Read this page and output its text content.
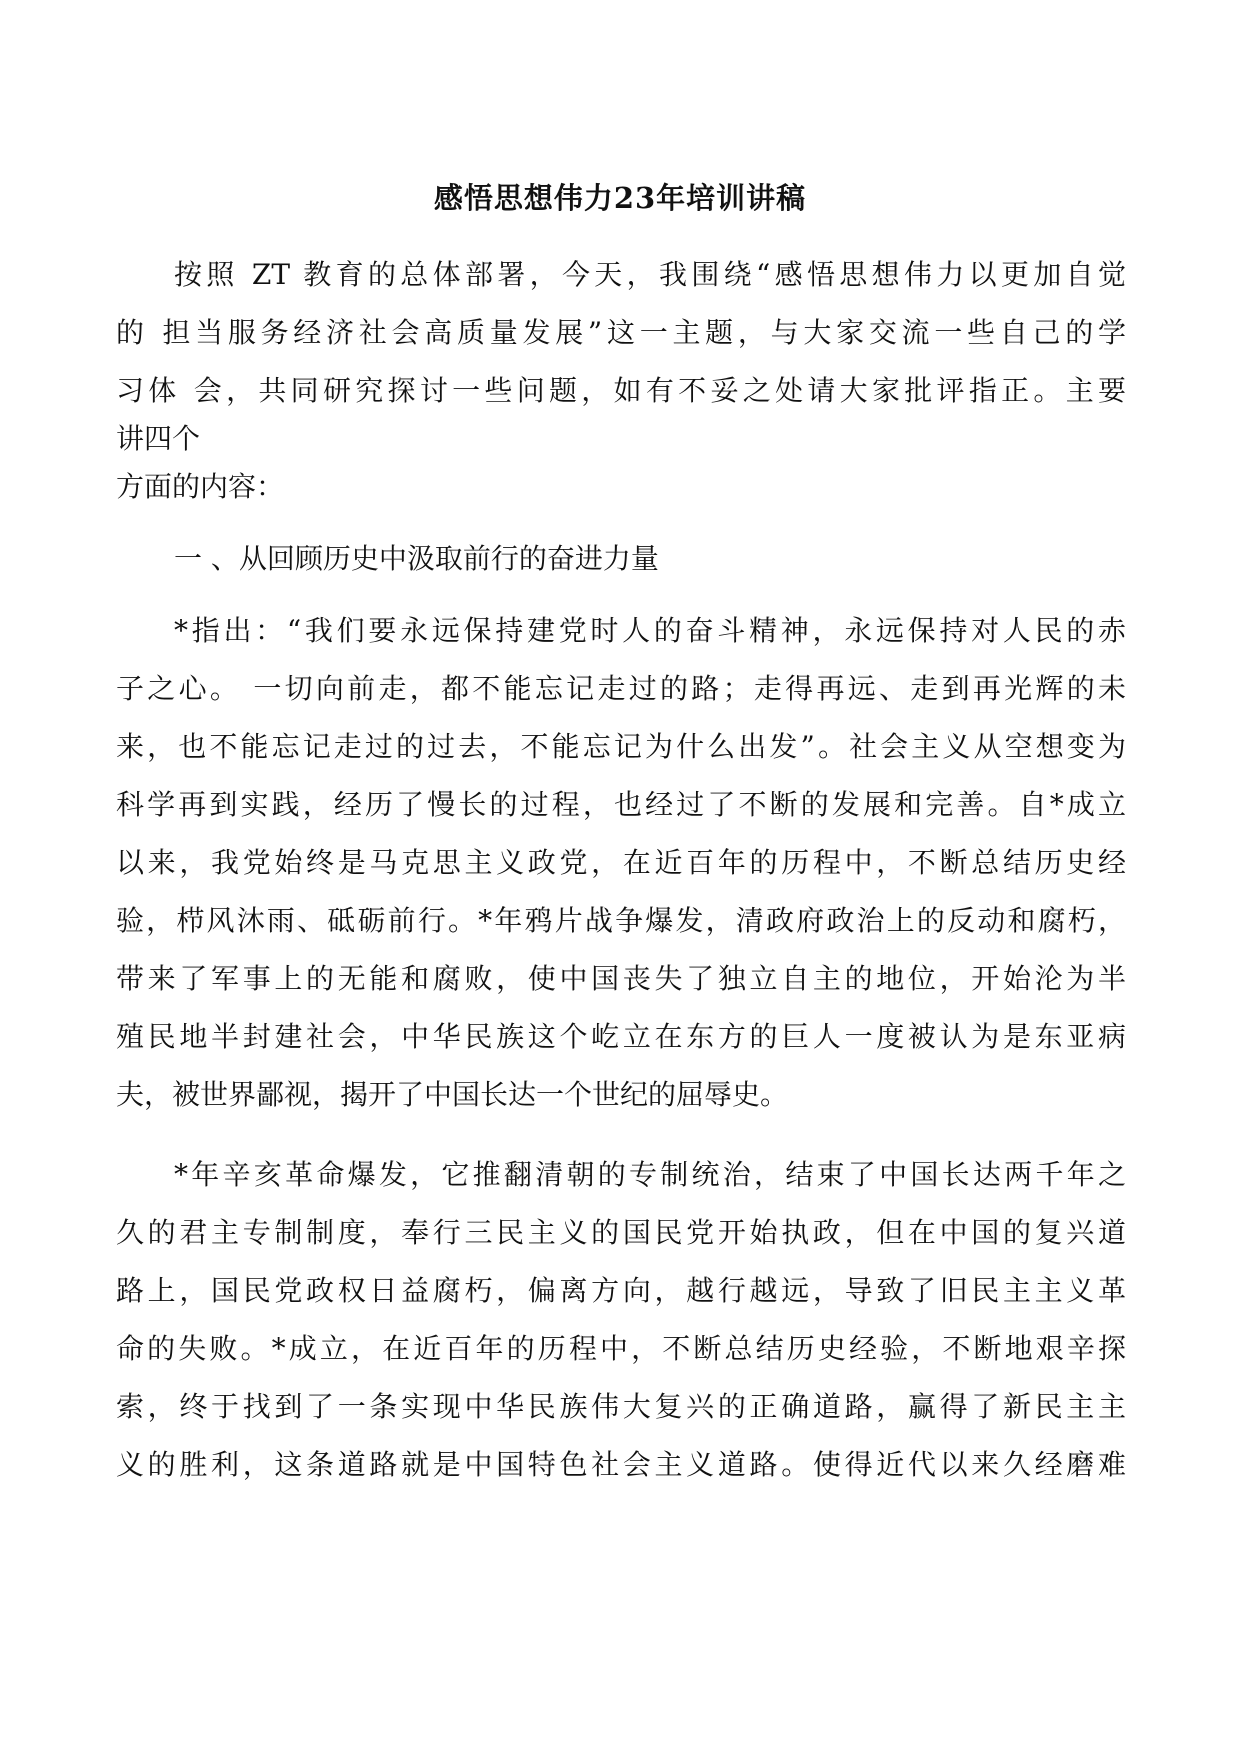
感悟思想伟力23年培训讲稿
按照 ZT 教育的总体部署，今天，我围绕“感悟思想伟力以更加自觉
的 担当服务经济社会高质量发展”这一主题，与大家交流一些自己的学
习体 会，共同研究探讨一些问题，如有不妥之处请大家批评指正。主要
讲四个
方面的内容：
一 、从回顾历史中汲取前行的奋进力量
*指出：“我们要永远保持建党时人的奋斗精神，永远保持对人民的赤
子之心。 一切向前走，都不能忘记走过的路；走得再远、走到再光辉的未
来，也不能忘记走过的过去，不能忘记为什么出发”。社会主义从空想变为
科学再到实践，经历了慢长的过程，也经过了不断的发展和完善。自*成立
以来，我党始终是马克思主义政党，在近百年的历程中，不断总结历史经
验，栉风沐雨、砥砺前行。*年鸦片战争爆发，清政府政治上的反动和腐朽，
带来了军事上的无能和腐败，使中国丧失了独立自主的地位，开始沦为半
殖民地半封建社会，中华民族这个屹立在东方的巨人一度被认为是东亚病
夫，被世界鄙视，揭开了中国长达一个世纪的屈辱史。
*年辛亥革命爆发，它推翻清朝的专制统治，结束了中国长达两千年之
久的君主专制制度，奉行三民主义的国民党开始执政，但在中国的复兴道
路上，国民党政权日益腐朽，偏离方向，越行越远，导致了旧民主主义革
命的失败。*成立，在近百年的历程中，不断总结历史经验，不断地艰辛探
索，终于找到了一条实现中华民族伟大复兴的正确道路，赢得了新民主主
义的胜利，这条道路就是中国特色社会主义道路。使得近代以来久经磨难
